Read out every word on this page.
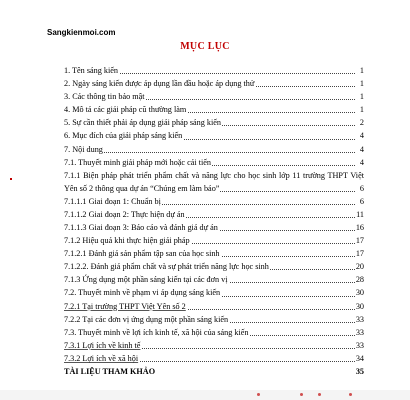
Sangkienmoi.com
MỤC LỤC
1. Tên sáng kiến	1
2. Ngày sáng kiến được áp dụng lần đầu hoặc áp dụng thử	1
3. Các thông tin bảo mật	1
4. Mô tả các giải pháp cũ thường làm	1
5. Sự cần thiết phải áp dụng giải pháp sáng kiến	2
6. Mục đích của giải pháp sáng kiến	4
7. Nội dung	4
7.1. Thuyết minh giải pháp mới hoặc cải tiến	4
7.1.1 Biện pháp phát triển phẩm chất và năng lực cho học sinh lớp 11 trường THPT Việt Yên số 2 thông qua dự án “Chúng em làm báo”	6
7.1.1.1 Giai đoạn 1: Chuẩn bị	6
7.1.1.2 Giai đoạn 2: Thực hiện dự án	11
7.1.1.3 Giai đoạn 3: Báo cáo và đánh giá dự án	16
7.1.2 Hiệu quả khi thực hiện giải pháp	17
7.1.2.1 Đánh giá sản phẩm tập san của học sinh	17
7.1.2.2. Đánh giá phẩm chất và sự phát triển năng lực học sinh	20
7.1.3 Ứng dụng một phần sáng kiến tại các đơn vị	28
7.2. Thuyết minh về phạm vi áp dụng sáng kiến	30
7.2.1 Tại trường THPT Việt Yên số 2	30
7.2.2 Tại các đơn vị ứng dụng một phần sáng kiến	33
7.3. Thuyết minh về lợi ích kinh tế, xã hội của sáng kiến	33
7.3.1 Lợi ích về kinh tế	33
7.3.2 Lợi ích về xã hội	34
TÀI LIỆU THAM KHẢO	35
